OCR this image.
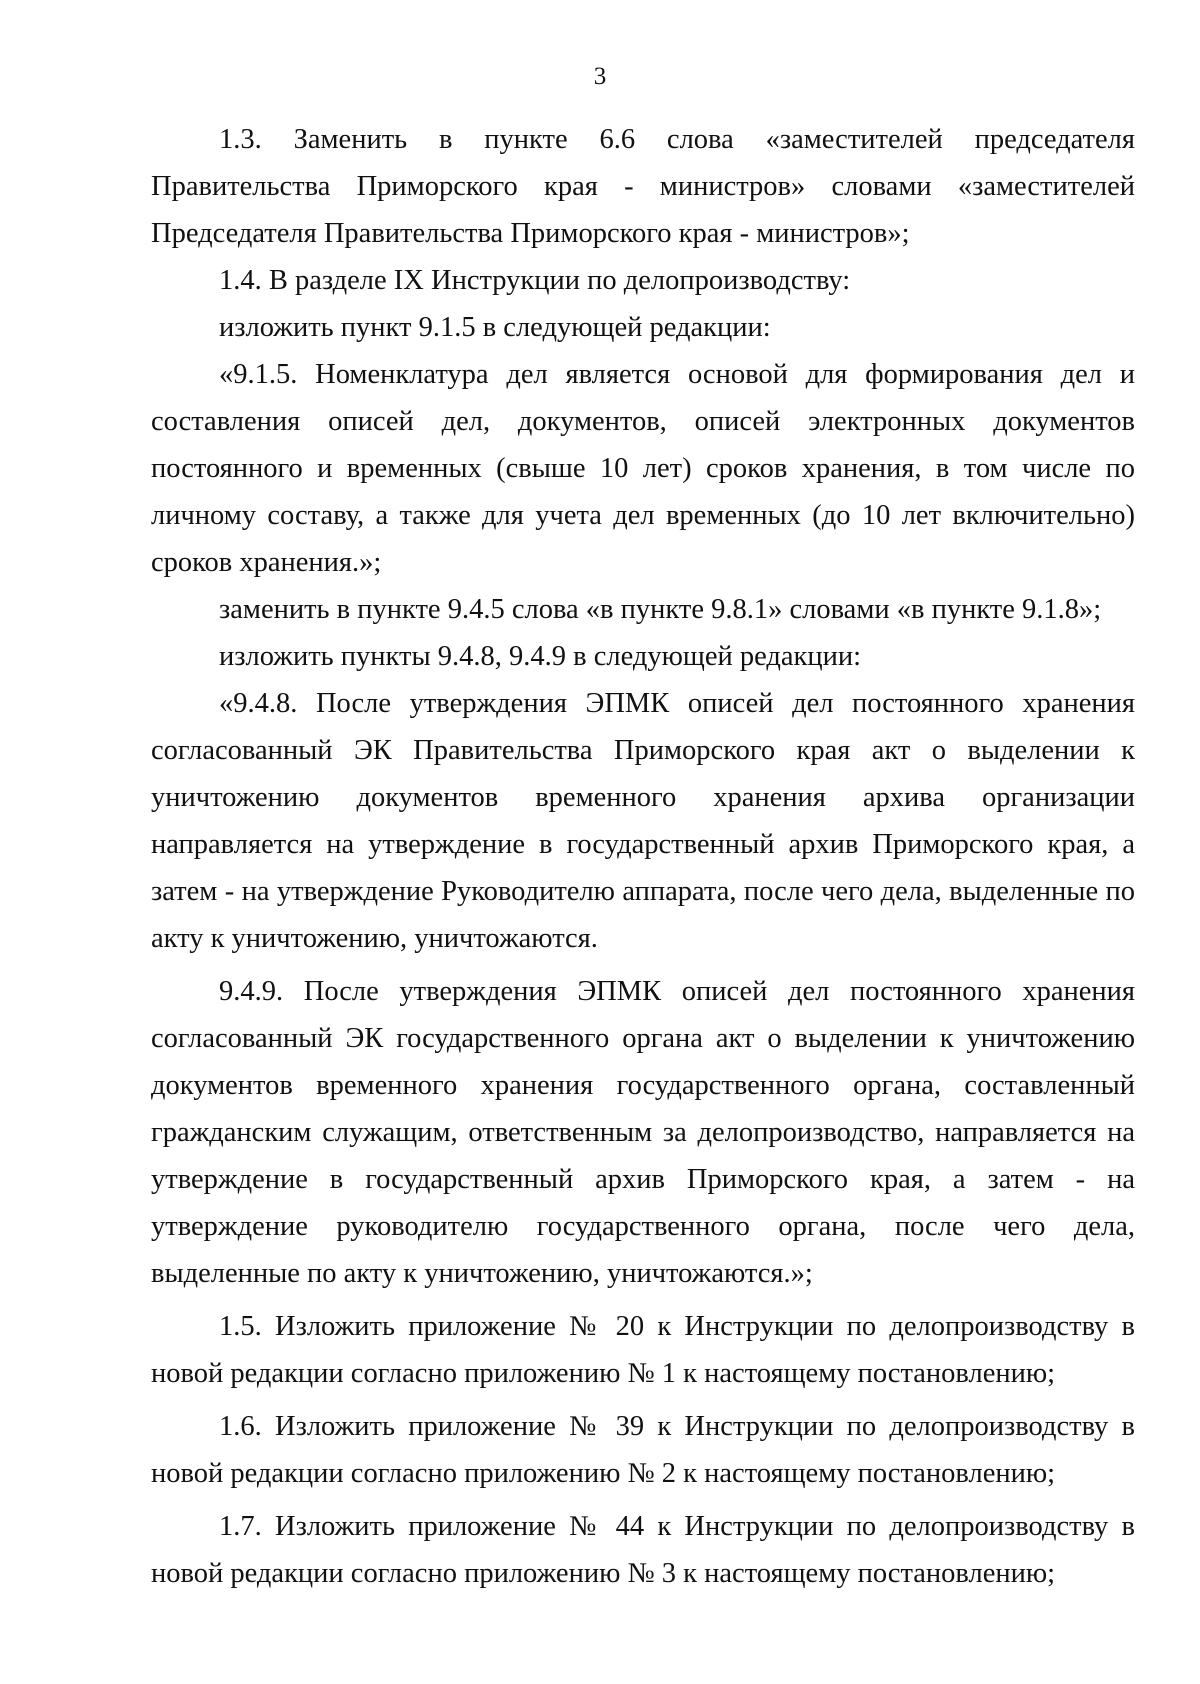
3

1.3. Заменить в пункте 6.6 слова «заместителей председателя Правительства Приморского края - министров» словами «заместителей Председателя Правительства Приморского края - министров»;

1.4. В разделе IX Инструкции по делопроизводству:

изложить пункт 9.1.5 в следующей редакции:

«9.1.5. Номенклатура дел является основой для формирования дел и составления описей дел, документов, описей электронных документов постоянного и временных (свыше 10 лет) сроков хранения, в том числе по личному составу, а также для учета дел временных (до 10 лет включительно) сроков хранения.»;

заменить в пункте 9.4.5 слова «в пункте 9.8.1» словами «в пункте 9.1.8»;

изложить пункты 9.4.8, 9.4.9 в следующей редакции:

«9.4.8. После утверждения ЭПМК описей дел постоянного хранения согласованный ЭК Правительства Приморского края акт о выделении к уничтожению документов временного хранения архива организации направляется на утверждение в государственный архив Приморского края, а затем - на утверждение Руководителю аппарата, после чего дела, выделенные по акту к уничтожению, уничтожаются.

9.4.9. После утверждения ЭПМК описей дел постоянного хранения согласованный ЭК государственного органа акт о выделении к уничтожению документов временного хранения государственного органа, составленный гражданским служащим, ответственным за делопроизводство, направляется на утверждение в государственный архив Приморского края, а затем - на утверждение руководителю государственного органа, после чего дела, выделенные по акту к уничтожению, уничтожаются.»;

1.5. Изложить приложение № 20 к Инструкции по делопроизводству в новой редакции согласно приложению № 1 к настоящему постановлению;

1.6. Изложить приложение № 39 к Инструкции по делопроизводству в новой редакции согласно приложению № 2 к настоящему постановлению;

1.7. Изложить приложение № 44 к Инструкции по делопроизводству в новой редакции согласно приложению № 3 к настоящему постановлению;
